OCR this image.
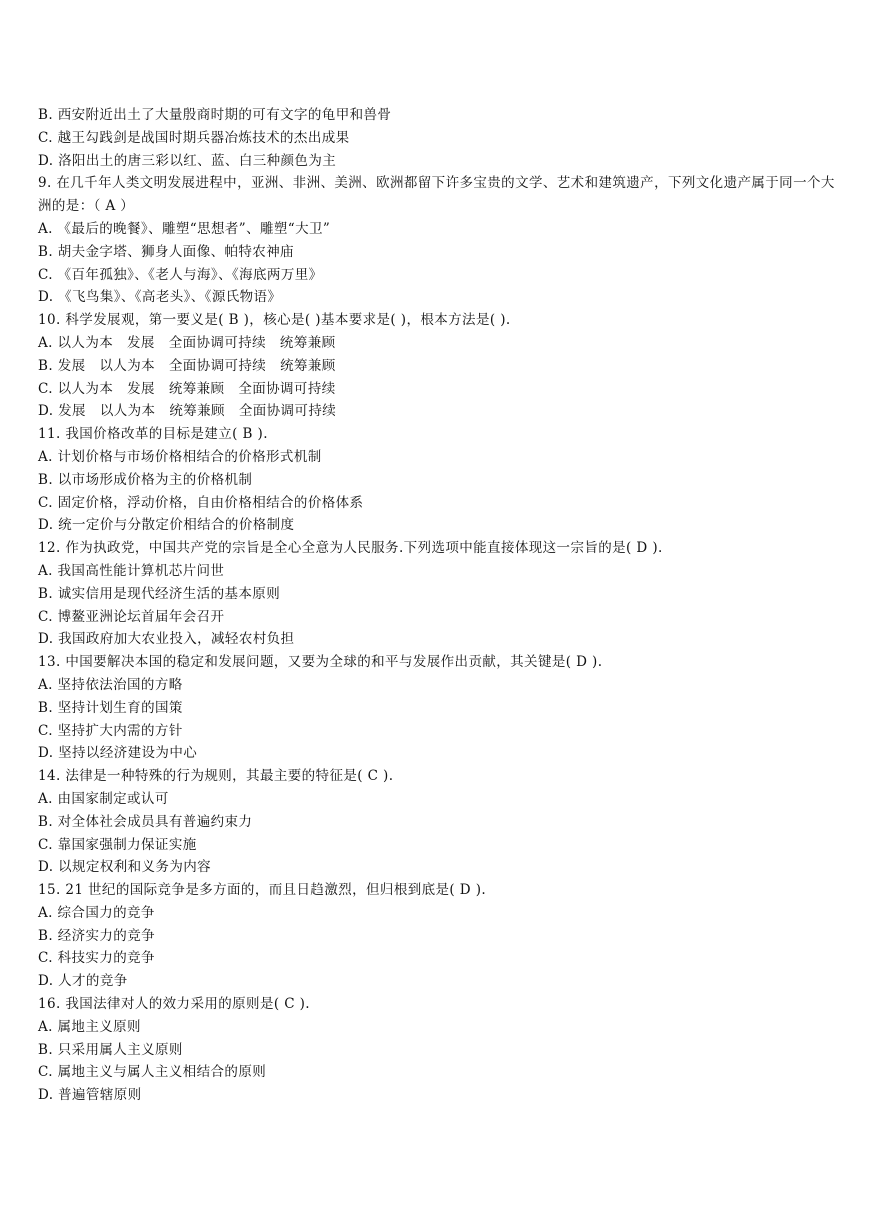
B. 西安附近出土了大量殷商时期的可有文字的龟甲和兽骨
C. 越王勾践剑是战国时期兵器冶炼技术的杰出成果
D. 洛阳出土的唐三彩以红、蓝、白三种颜色为主
9. 在几千年人类文明发展进程中，亚洲、非洲、美洲、欧洲都留下许多宝贵的文学、艺术和建筑遗产，下列文化遗产属于同一个大洲的是：（ A ）
A. 《最后的晚餐》、雕塑“思想者”、雕塑“大卫”
B. 胡夫金字塔、狮身人面像、帕特农神庙
C. 《百年孤独》、《老人与海》、《海底两万里》
D. 《飞鸟集》、《高老头》、《源氏物语》
10. 科学发展观，第一要义是( B )，核心是( )基本要求是( )，根本方法是( ).
A. 以人为本　发展　全面协调可持续　统筹兼顾
B. 发展　以人为本　全面协调可持续　统筹兼顾
C. 以人为本　发展　统筹兼顾　全面协调可持续
D. 发展　以人为本　统筹兼顾　全面协调可持续
11. 我国价格改革的目标是建立( B ).
A. 计划价格与市场价格相结合的价格形式机制
B. 以市场形成价格为主的价格机制
C. 固定价格，浮动价格，自由价格相结合的价格体系
D. 统一定价与分散定价相结合的价格制度
12. 作为执政党，中国共产党的宗旨是全心全意为人民服务.下列选项中能直接体现这一宗旨的是( D ).
A. 我国高性能计算机芯片问世
B. 诚实信用是现代经济生活的基本原则
C. 博鳌亚洲论坛首届年会召开
D. 我国政府加大农业投入，减轻农村负担
13. 中国要解决本国的稳定和发展问题，又要为全球的和平与发展作出贡献，其关键是( D ).
A. 坚持依法治国的方略
B. 坚持计划生育的国策
C. 坚持扩大内需的方针
D. 坚持以经济建设为中心
14. 法律是一种特殊的行为规则，其最主要的特征是( C ).
A. 由国家制定或认可
B. 对全体社会成员具有普遍约束力
C. 靠国家强制力保证实施
D. 以规定权利和义务为内容
15. 21 世纪的国际竞争是多方面的，而且日趋激烈，但归根到底是( D ).
A. 综合国力的竞争
B. 经济实力的竞争
C. 科技实力的竞争
D. 人才的竞争
16. 我国法律对人的效力采用的原则是( C ).
A. 属地主义原则
B. 只采用属人主义原则
C. 属地主义与属人主义相结合的原则
D. 普遍管辖原则
